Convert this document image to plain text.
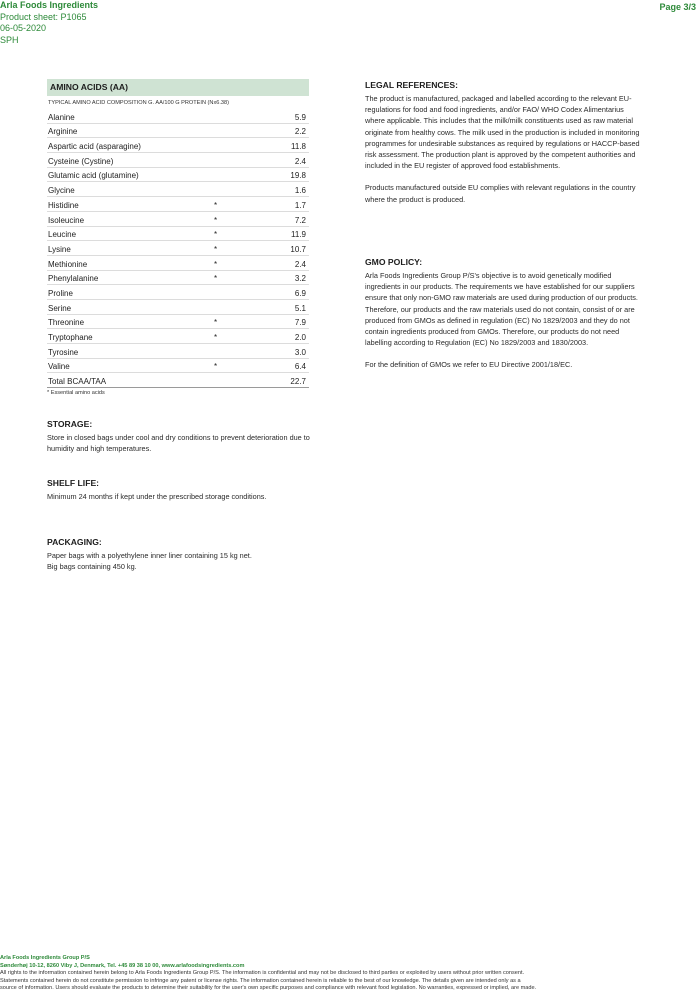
Arla Foods Ingredients
Product sheet: P1065
06-05-2020
SPH
Page 3/3
AMINO ACIDS (AA)
TYPICAL AMINO ACID COMPOSITION G. AA/100 G PROTEIN (Nx6.38)
Alanine	5.9
Arginine	2.2
Aspartic acid (asparagine)	11.8
Cysteine (Cystine)	2.4
Glutamic acid (glutamine)	19.8
Glycine	1.6
Histidine	*	1.7
Isoleucine	*	7.2
Leucine	*	11.9
Lysine	*	10.7
Methionine	*	2.4
Phenylalanine	*	3.2
Proline	6.9
Serine	5.1
Threonine	*	7.9
Tryptophane	*	2.0
Tyrosine	3.0
Valine	*	6.4
Total BCAA/TAA	22.7
* Essential amino acids
STORAGE:

Store in closed bags under cool and dry conditions to prevent deterioration due to humidity and high temperatures.

SHELF LIFE:

Minimum 24 months if kept under the prescribed storage conditions.

PACKAGING:

Paper bags with a polyethylene inner liner containing 15 kg net.

Big bags containing 450 kg.

LEGAL REFERENCES:

The product is manufactured, packaged and labelled according to the relevant EU-regulations for food and food ingredients, and/or FAO/ WHO Codex Alimentarius where applicable. This includes that the milk/milk constituents used as raw material originate from healthy cows. The milk used in the production is included in monitoring programmes for undesirable substances as required by regulations or HACCP-based risk assessment. The production plant is approved by the competent authorities and included in the EU register of approved food establishments.

Products manufactured outside EU complies with relevant regulations in the country where the product is produced.

GMO POLICY:

Arla Foods Ingredients Group P/S's objective is to avoid genetically modified ingredients in our products. The requirements we have established for our suppliers ensure that only non-GMO raw materials are used during production of our products. Therefore, our products and the raw materials used do not contain, consist of or are produced from GMOs as defined in regulation (EC) No 1829/2003 and they do not contain ingredients produced from GMOs. Therefore, our products do not need labelling according to Regulation (EC) No 1829/2003 and 1830/2003.

For the definition of GMOs we refer to EU Directive 2001/18/EC.

Arla Foods Ingredients Group P/S
Sønderhøj 10-12, 8260 Viby J, Denmark, Tel. +45 89 38 10 00, www.arlafoodsingredients.com
All rights to the information contained herein belong to Arla Foods Ingredients Group P/S. The information is confidential and may not be disclosed to third parties or exploited by users without prior written consent.
Statements contained herein do not constitute permission to infringe any patent or license rights. The information contained herein is reliable to the best of our knowledge. The details given are intended only as a
source of information. Users should evaluate the products to determine their suitability for the user's own specific purposes and compliance with relevant food legislation. No warranties, expressed or implied, are made.
